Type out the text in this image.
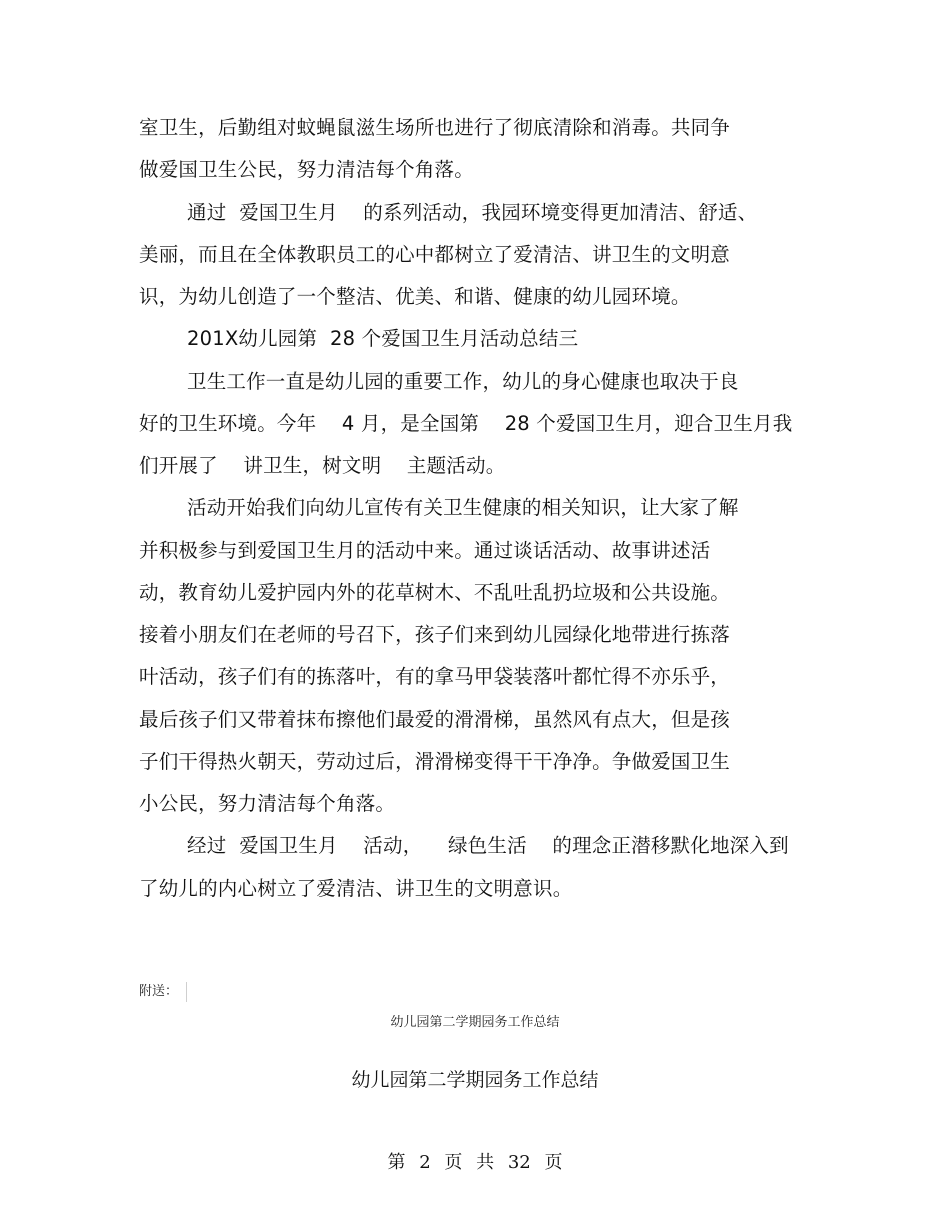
室卫生，后勤组对蚊蝇鼠滋生场所也进行了彻底清除和消毒。共同争
做爱国卫生公民，努力清洁每个角落。
通过  爱国卫生月    的系列活动，我园环境变得更加清洁、舒适、
美丽，而且在全体教职员工的心中都树立了爱清洁、讲卫生的文明意
识，为幼儿创造了一个整洁、优美、和谐、健康的幼儿园环境。
201X幼儿园第  28 个爱国卫生月活动总结三
卫生工作一直是幼儿园的重要工作，幼儿的身心健康也取决于良
好的卫生环境。今年    4 月，是全国第    28 个爱国卫生月，迎合卫生月我
们开展了    讲卫生，树文明    主题活动。
活动开始我们向幼儿宣传有关卫生健康的相关知识，让大家了解
并积极参与到爱国卫生月的活动中来。通过谈话活动、故事讲述活
动，教育幼儿爱护园内外的花草树木、不乱吐乱扔垃圾和公共设施。
接着小朋友们在老师的号召下，孩子们来到幼儿园绿化地带进行拣落
叶活动，孩子们有的拣落叶，有的拿马甲袋装落叶都忙得不亦乐乎，
最后孩子们又带着抹布擦他们最爱的滑滑梯，虽然风有点大，但是孩
子们干得热火朝天，劳动过后，滑滑梯变得干干净净。争做爱国卫生
小公民，努力清洁每个角落。
经过  爱国卫生月    活动，    绿色生活    的理念正潜移默化地深入到
了幼儿的内心树立了爱清洁、讲卫生的文明意识。
附送：
幼儿园第二学期园务工作总结
幼儿园第二学期园务工作总结
第 2 页 共 32 页
